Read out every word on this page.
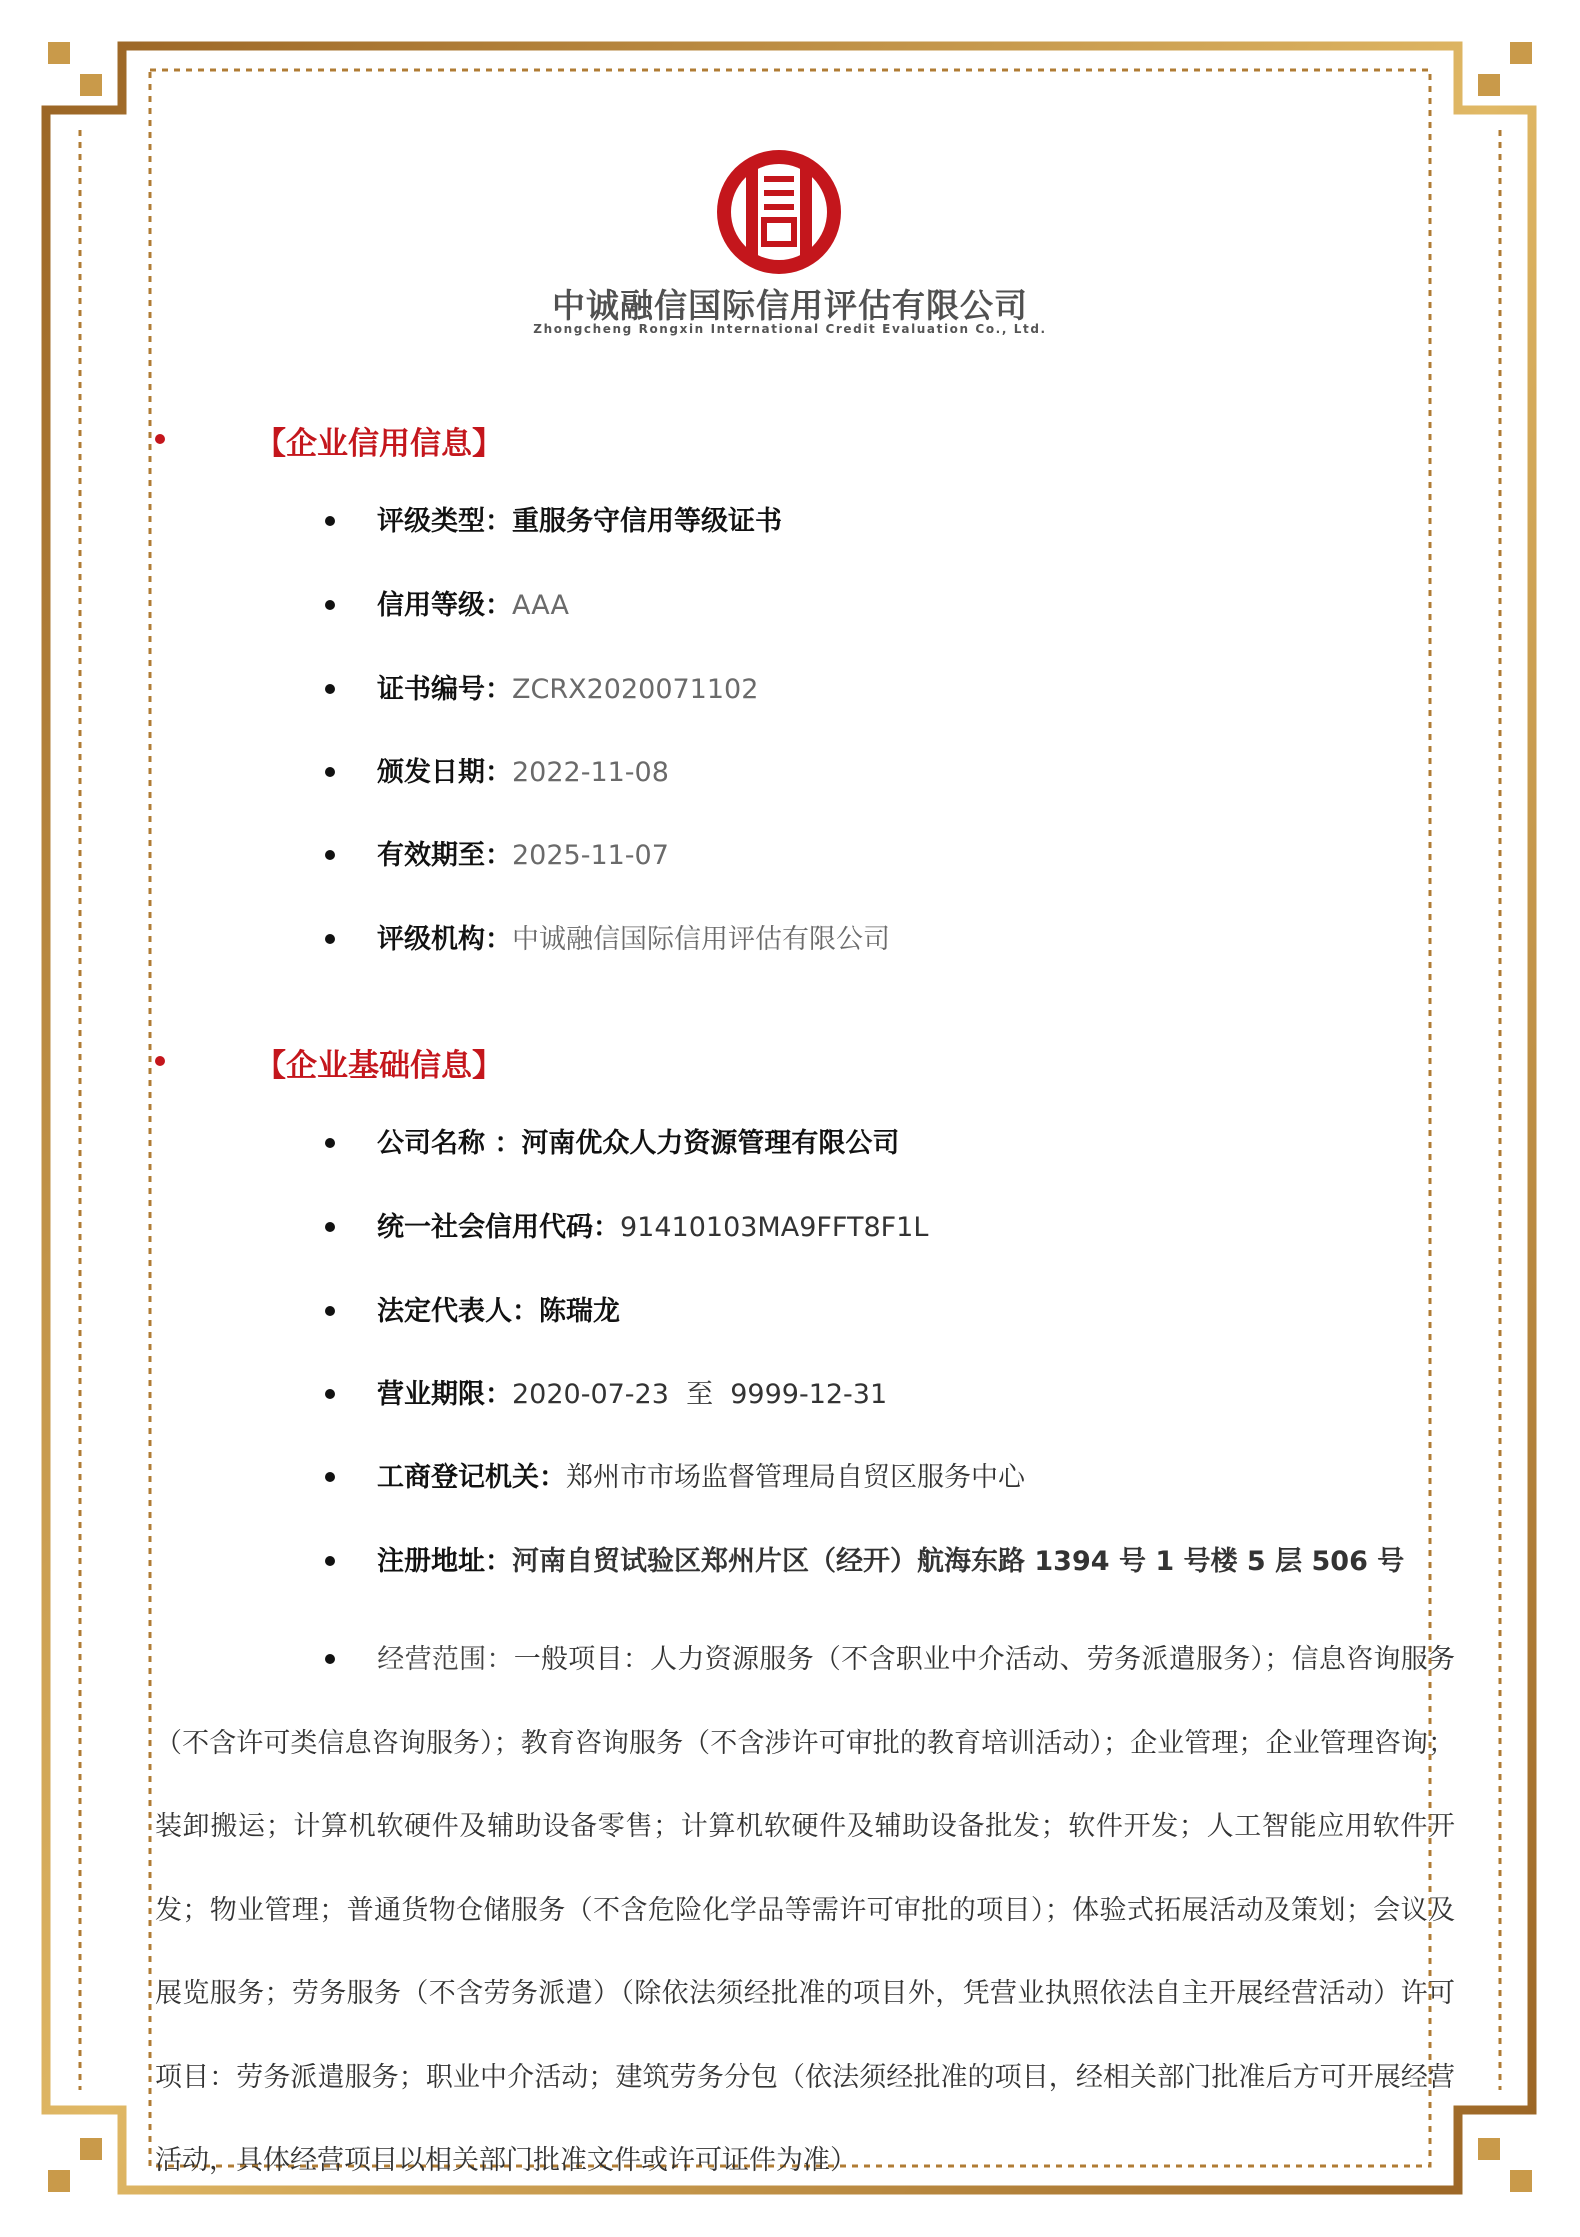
中诚融信国际信用评估有限公司
Zhongcheng Rongxin International Credit Evaluation Co., Ltd.
【企业信用信息】
评级类型：重服务守信用等级证书
信用等级：AAA
证书编号：ZCRX2020071102
颁发日期：2022-11-08
有效期至：2025-11-07
评级机构：中诚融信国际信用评估有限公司
【企业基础信息】
公司名称 ：河南优众人力资源管理有限公司
统一社会信用代码：91410103MA9FFT8F1L
法定代表人：陈瑞龙
营业期限：2020-07-23  至  9999-12-31
工商登记机关：郑州市市场监督管理局自贸区服务中心
注册地址：河南自贸试验区郑州片区（经开）航海东路 1394 号 1 号楼 5 层 506 号
经营范围：一般项目：人力资源服务（不含职业中介活动、劳务派遣服务）；信息咨询服务（不含许可类信息咨询服务）；教育咨询服务（不含涉许可审批的教育培训活动）；企业管理；企业管理咨询；装卸搬运；计算机软硬件及辅助设备零售；计算机软硬件及辅助设备批发；软件开发；人工智能应用软件开发；物业管理；普通货物仓储服务（不含危险化学品等需许可审批的项目）；体验式拓展活动及策划；会议及展览服务；劳务服务（不含劳务派遣）（除依法须经批准的项目外，凭营业执照依法自主开展经营活动）许可项目：劳务派遣服务；职业中介活动；建筑劳务分包（依法须经批准的项目，经相关部门批准后方可开展经营活动，具体经营项目以相关部门批准文件或许可证件为准）
